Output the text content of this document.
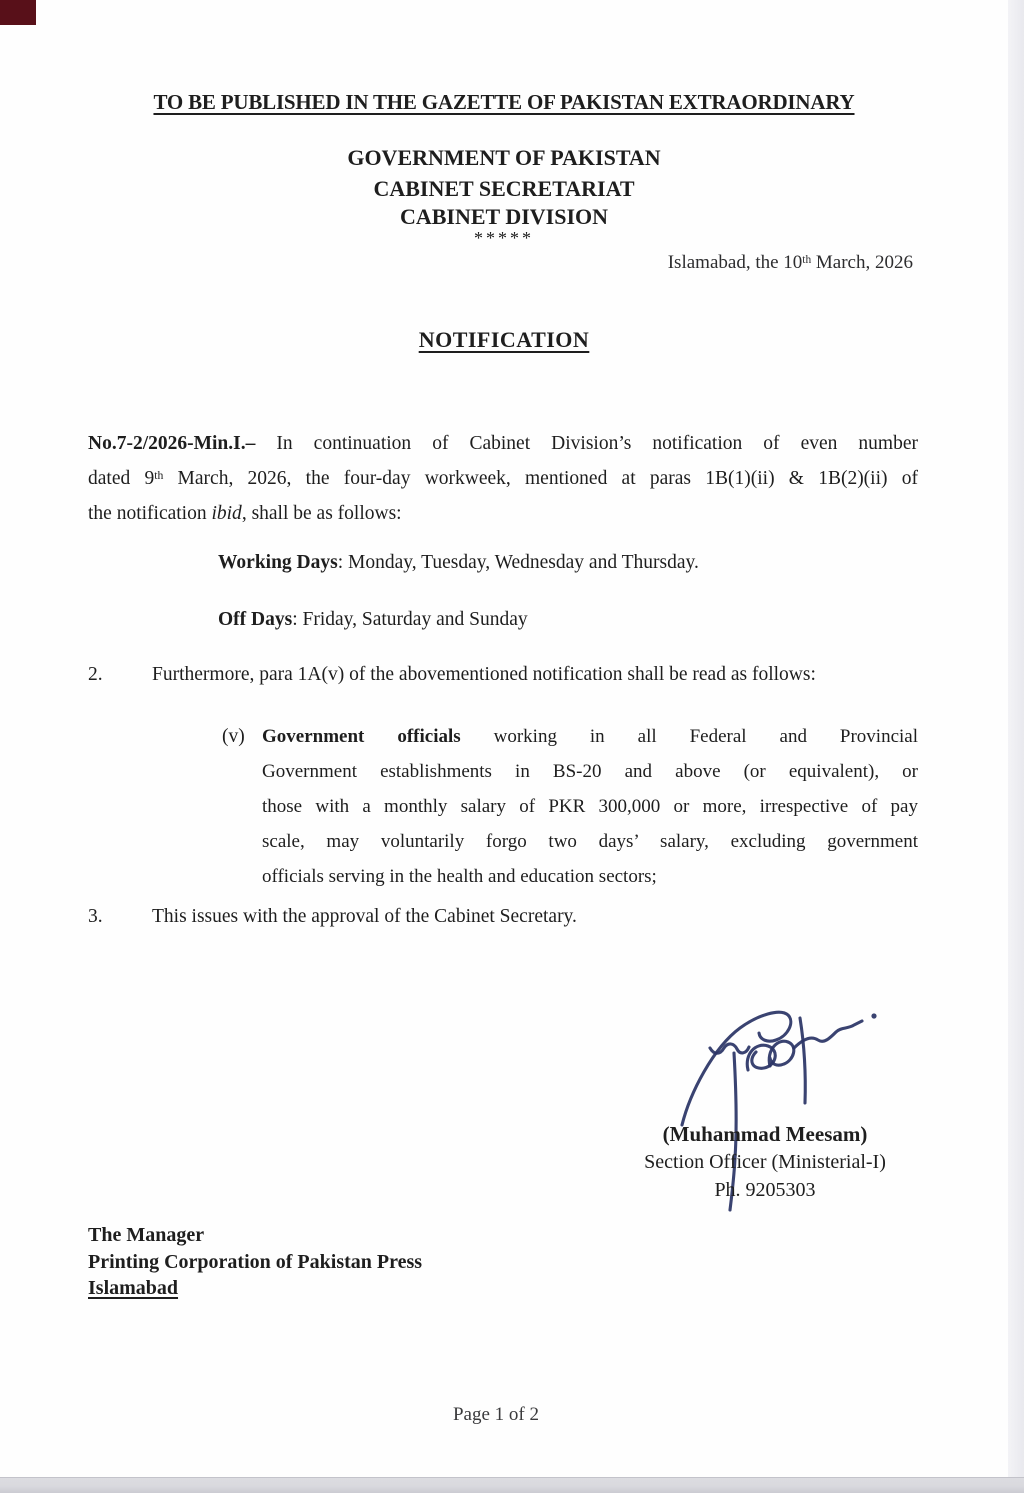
TO BE PUBLISHED IN THE GAZETTE OF PAKISTAN EXTRAORDINARY
GOVERNMENT OF PAKISTAN
CABINET SECRETARIAT
CABINET DIVISION
*****
Islamabad, the 10th March, 2026
NOTIFICATION
No.7-2/2026-Min.I.– In continuation of Cabinet Division’s notification of even number
dated 9th March, 2026, the four-day workweek, mentioned at paras 1B(1)(ii) & 1B(2)(ii) of
the notification ibid, shall be as follows:
Working Days: Monday, Tuesday, Wednesday and Thursday.
Off Days: Friday, Saturday and Sunday
2.	Furthermore, para 1A(v) of the abovementioned notification shall be read as follows:
(v) Government officials working in all Federal and Provincial
Government establishments in BS-20 and above (or equivalent), or
those with a monthly salary of PKR 300,000 or more, irrespective of pay
scale, may voluntarily forgo two days’ salary, excluding government
officials serving in the health and education sectors;
3.	This issues with the approval of the Cabinet Secretary.
(Muhammad Meesam)
Section Officer (Ministerial-I)
Ph. 9205303
The Manager
Printing Corporation of Pakistan Press
Islamabad
Page 1 of 2
